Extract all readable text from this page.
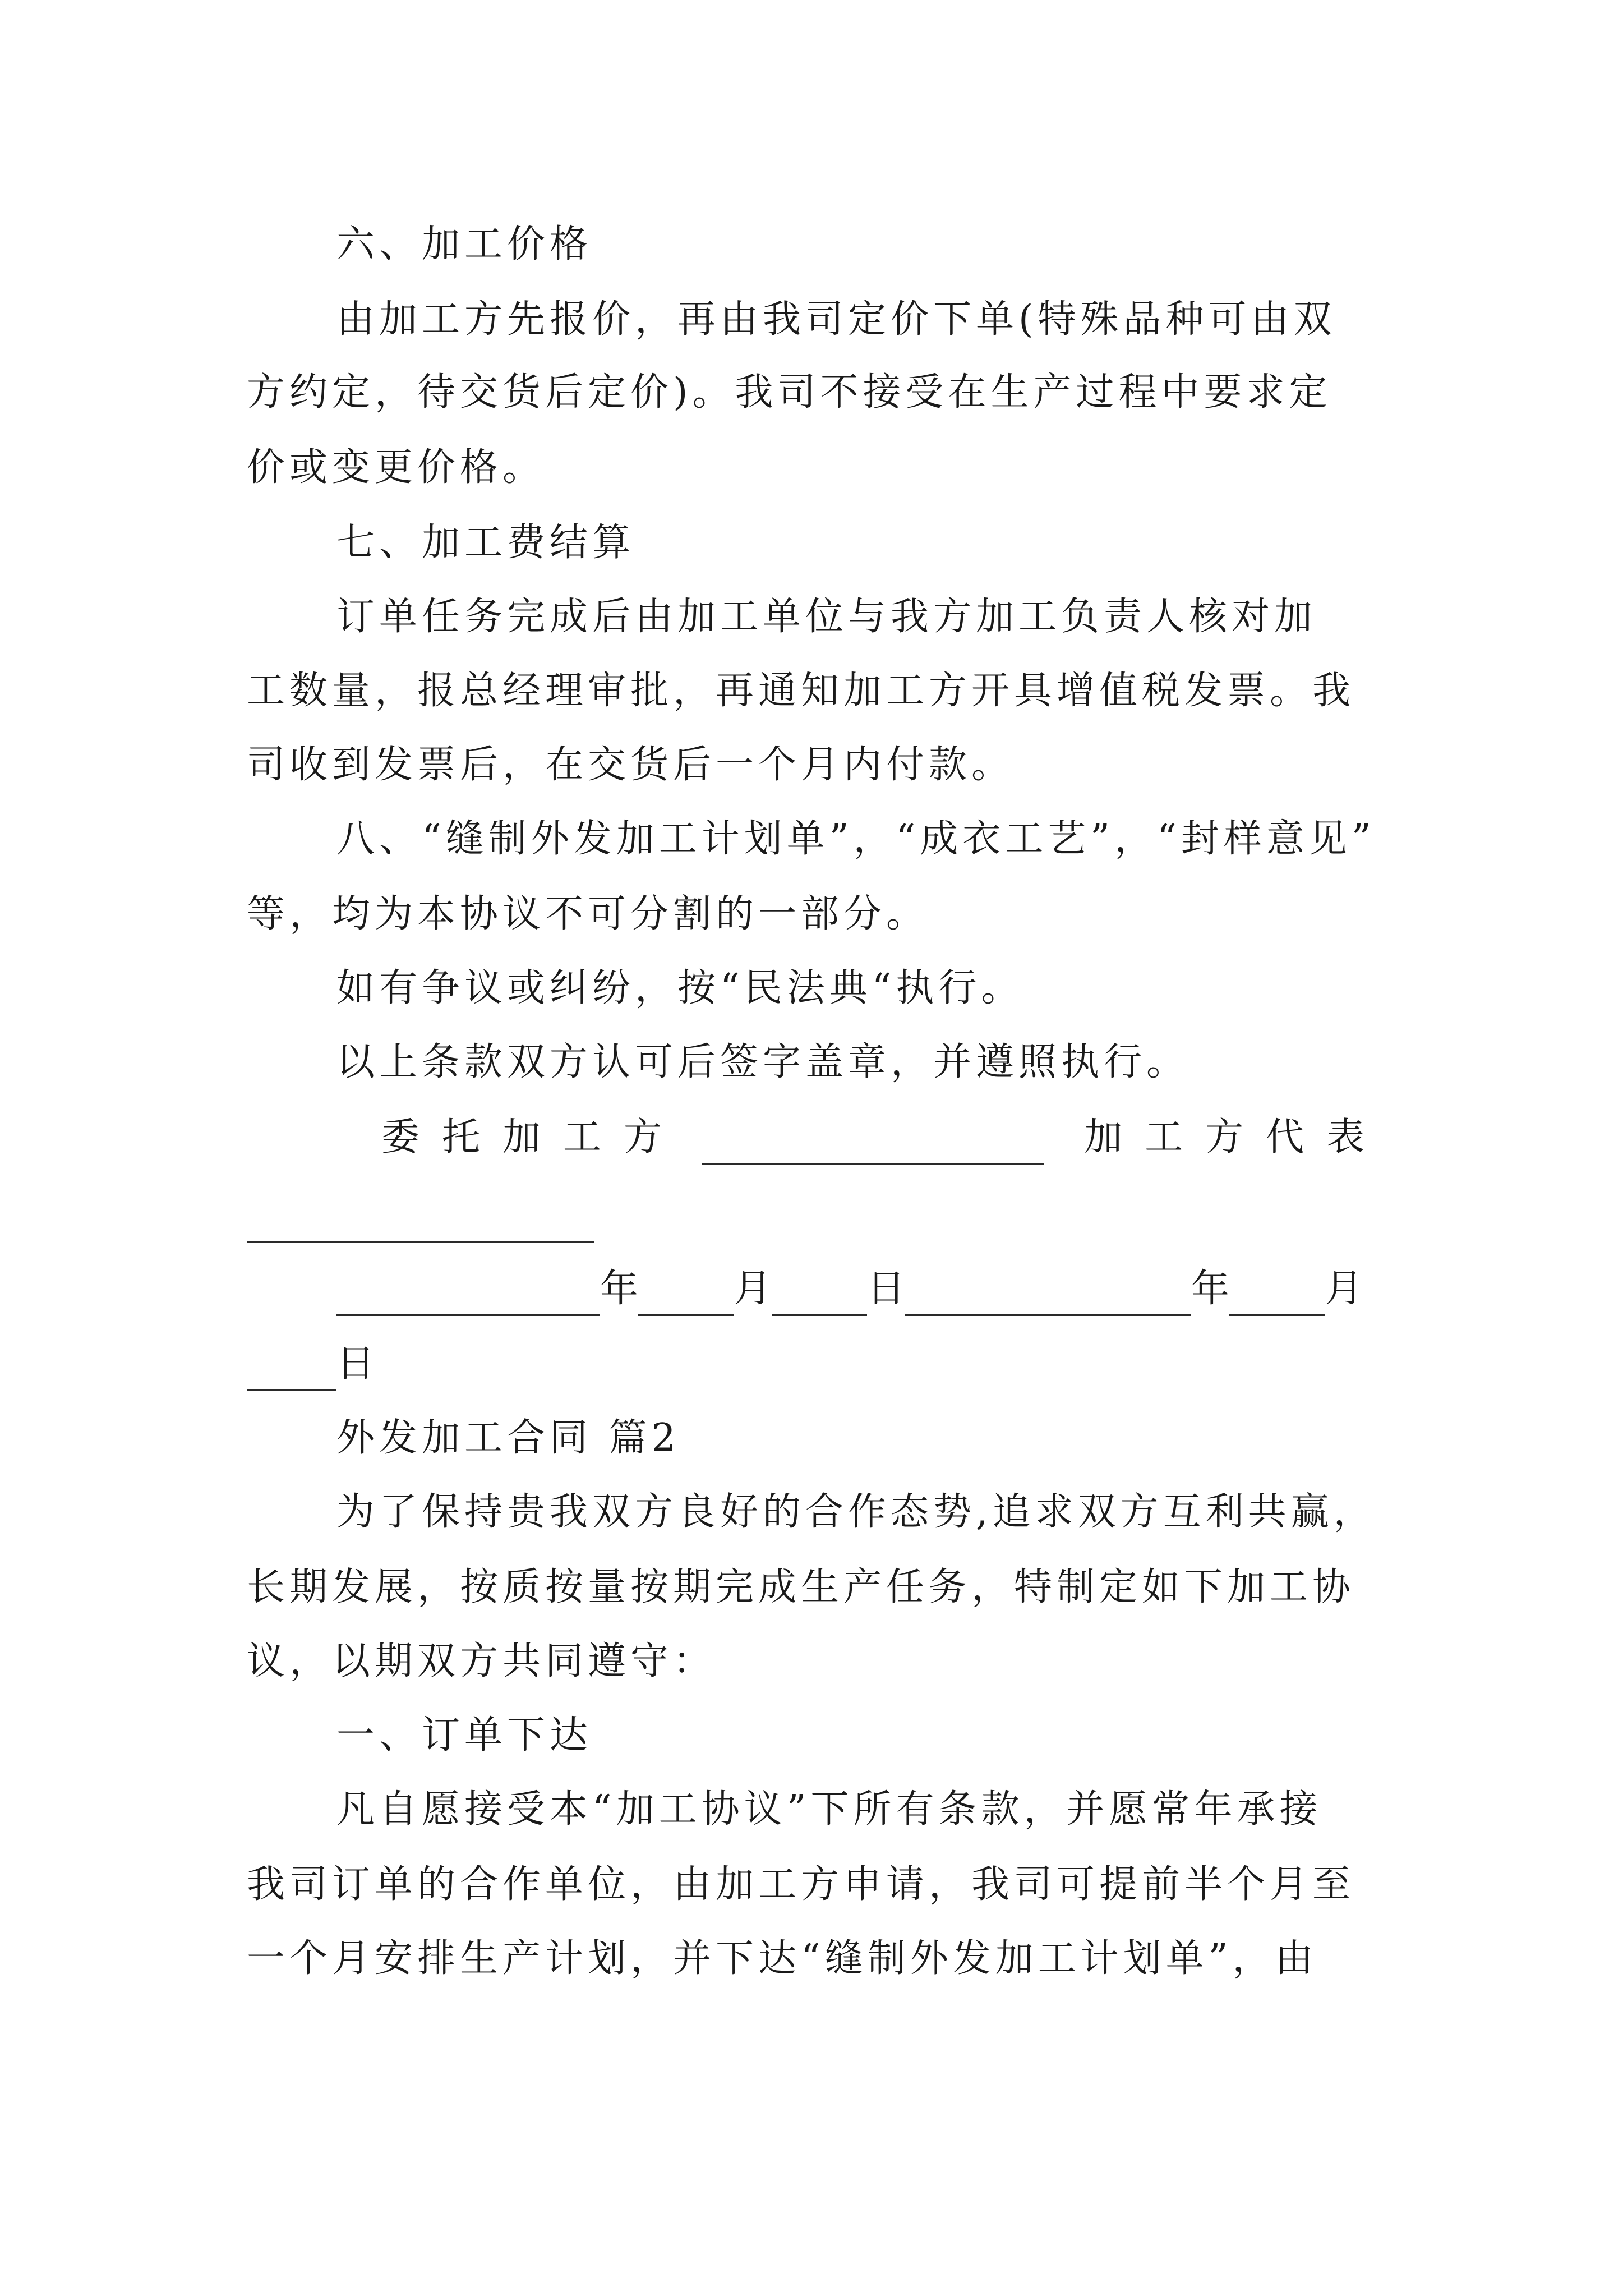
六、加工价格
由加工方先报价，再由我司定价下单(特殊品种可由双
方约定，待交货后定价)。我司不接受在生产过程中要求定
价或变更价格。
七、加工费结算
订单任务完成后由加工单位与我方加工负责人核对加
工数量，报总经理审批，再通知加工方开具增值税发票。我
司收到发票后，在交货后一个月内付款。
八、“缝制外发加工计划单”，“成衣工艺”，“封样意见”
等，均为本协议不可分割的一部分。
如有争议或纠纷，按“民法典“执行。
以上条款双方认可后签字盖章，并遵照执行。
委托加工方	加工方代表
年	月	日	年	月
日
外发加工合同 篇2
为了保持贵我双方良好的合作态势,追求双方互利共赢，
长期发展，按质按量按期完成生产任务，特制定如下加工协
议，以期双方共同遵守：
一、订单下达
凡自愿接受本“加工协议”下所有条款，并愿常年承接
我司订单的合作单位，由加工方申请，我司可提前半个月至
一个月安排生产计划，并下达“缝制外发加工计划单”，由
